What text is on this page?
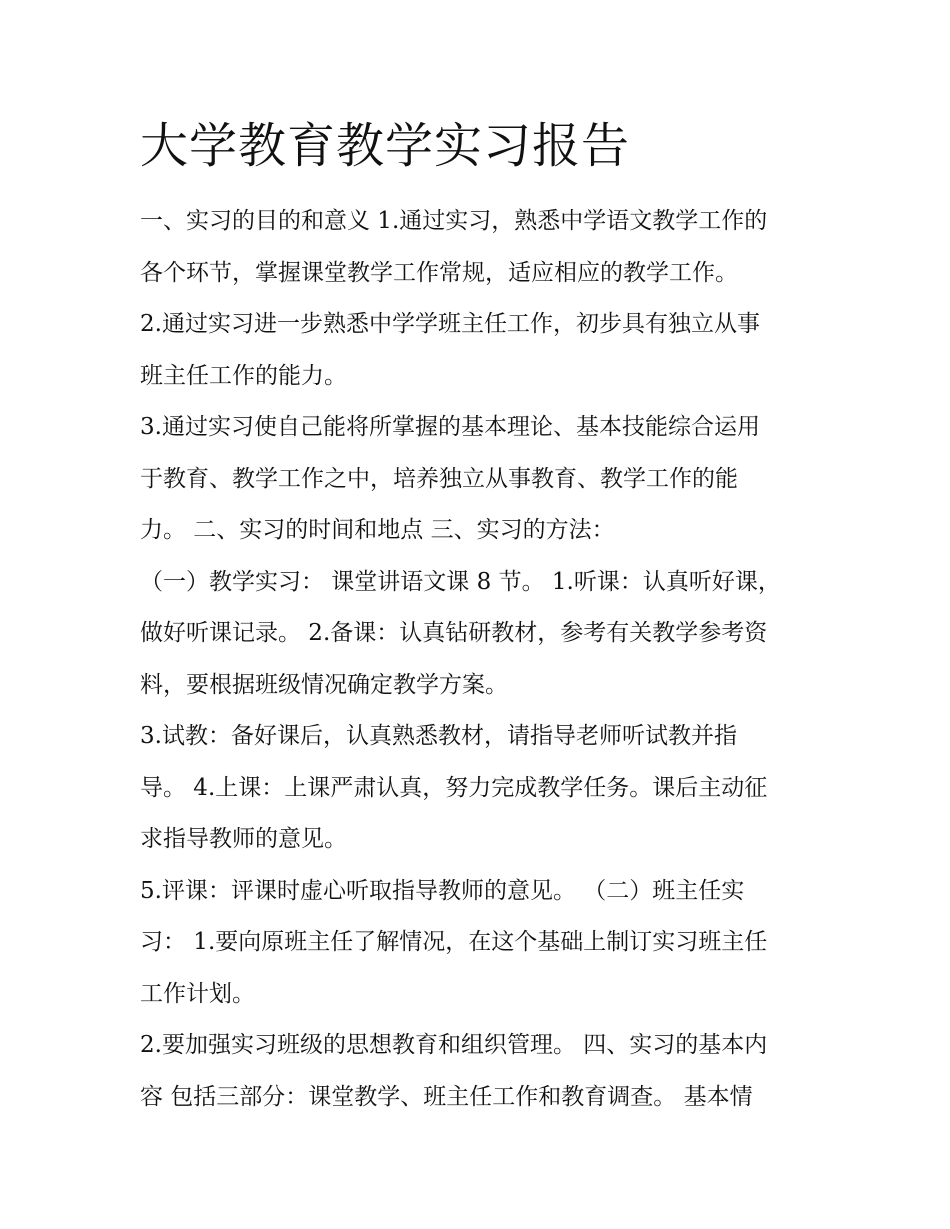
大学教育教学实习报告
一、实习的目的和意义 1.通过实习，熟悉中学语文教学工作的
各个环节，掌握课堂教学工作常规，适应相应的教学工作。
2.通过实习进一步熟悉中学学班主任工作，初步具有独立从事
班主任工作的能力。
3.通过实习使自己能将所掌握的基本理论、基本技能综合运用
于教育、教学工作之中，培养独立从事教育、教学工作的能
力。 二、实习的时间和地点 三、实习的方法：
（一）教学实习： 课堂讲语文课 8 节。 1.听课：认真听好课，
做好听课记录。 2.备课：认真钻研教材，参考有关教学参考资
料，要根据班级情况确定教学方案。
3.试教：备好课后，认真熟悉教材，请指导老师听试教并指
导。 4.上课：上课严肃认真，努力完成教学任务。课后主动征
求指导教师的意见。
5.评课：评课时虚心听取指导教师的意见。 （二）班主任实
习： 1.要向原班主任了解情况，在这个基础上制订实习班主任
工作计划。
2.要加强实习班级的思想教育和组织管理。 四、实习的基本内
容 包括三部分：课堂教学、班主任工作和教育调查。 基本情
